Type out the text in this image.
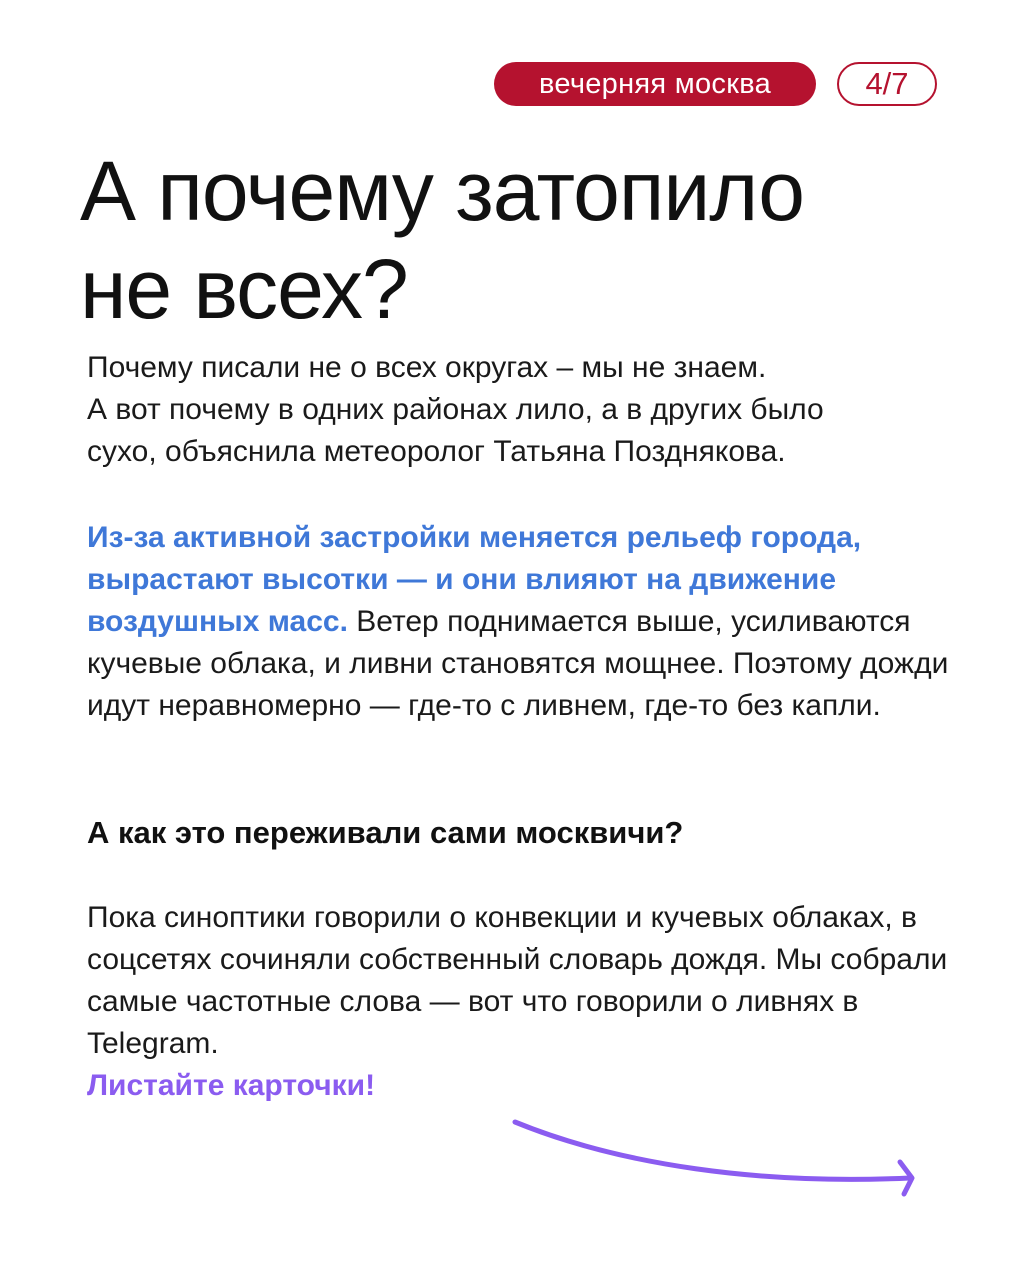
вечерняя москва	4/7
А почему затопило
не всех?

Почему писали не о всех округах – мы не знаем.
А вот почему в одних районах лило, а в других было
сухо, объяснила метеоролог Татьяна Позднякова.

Из-за активной застройки меняется рельеф города, вырастают высотки — и они влияют на движение воздушных масс. Ветер поднимается выше, усиливаются кучевые облака, и ливни становятся мощнее. Поэтому дожди идут неравномерно — где-то с ливнем, где-то без капли.

А как это переживали сами москвичи?

Пока синоптики говорили о конвекции и кучевых облаках, в соцсетях сочиняли собственный словарь дождя. Мы собрали самые частотные слова — вот что говорили о ливнях в Telegram.
Листайте карточки!
